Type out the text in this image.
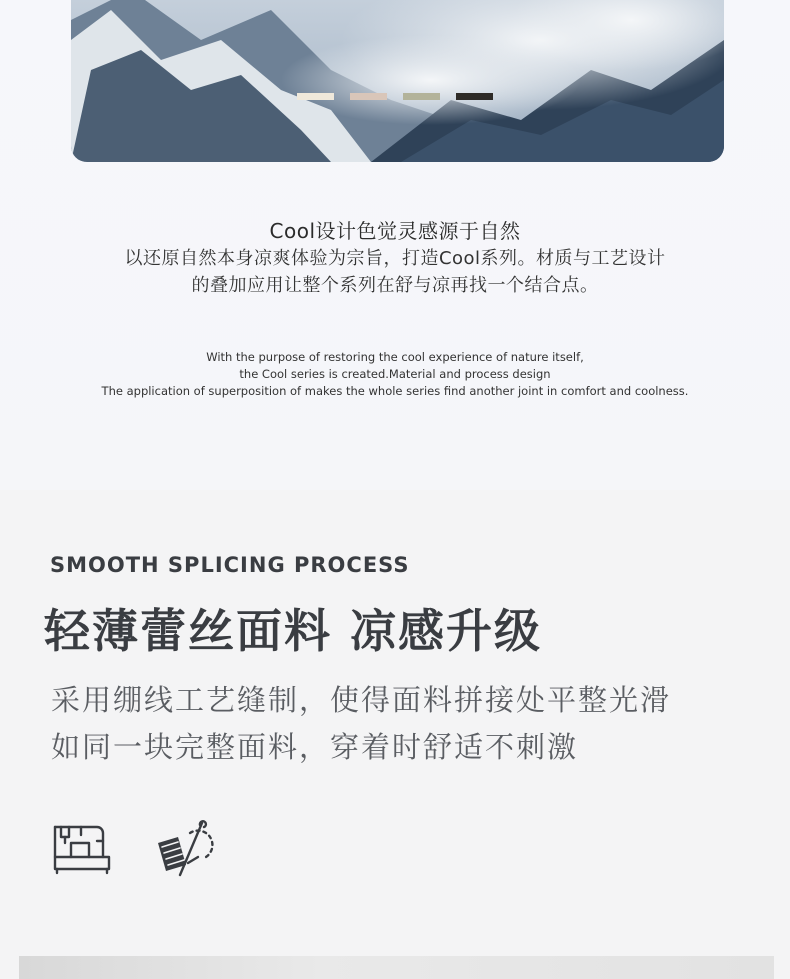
Cool设计色觉灵感源于自然
以还原自然本身凉爽体验为宗旨，打造Cool系列。材质与工艺设计
的叠加应用让整个系列在舒与凉再找一个结合点。
With the purpose of restoring the cool experience of nature itself,
the Cool series is created.Material and process design
The application of superposition of makes the whole series find another joint in comfort and coolness.
SMOOTH SPLICING PROCESS
轻薄蕾丝面料 凉感升级
采用绷线工艺缝制，使得面料拼接处平整光滑
如同一块完整面料，穿着时舒适不刺激
